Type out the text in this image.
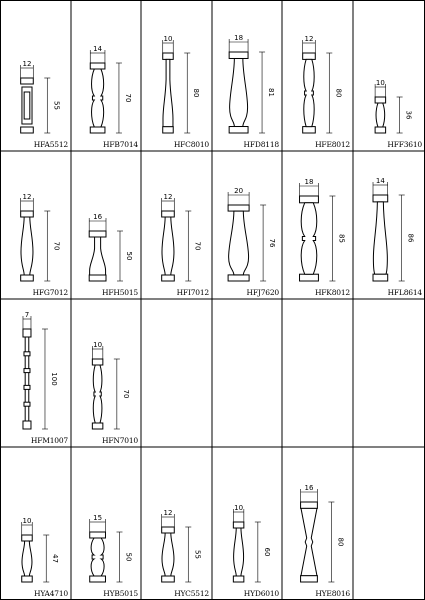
12
55
HFA5512
14
70
HFB7014
10
80
HFC8010
18
81
HFD8118
12
80
HFE8012
10
36
HFF3610
12
70
HFG7012
16
50
HFH5015
12
70
HFI7012
20
76
HFJ7620
18
85
HFK8012
14
86
HFL8614
7
100
HFM1007
10
70
HFN7010
10
47
HYA4710
15
50
HYB5015
12
55
HYC5512
10
60
HYD6010
16
80
HYE8016
